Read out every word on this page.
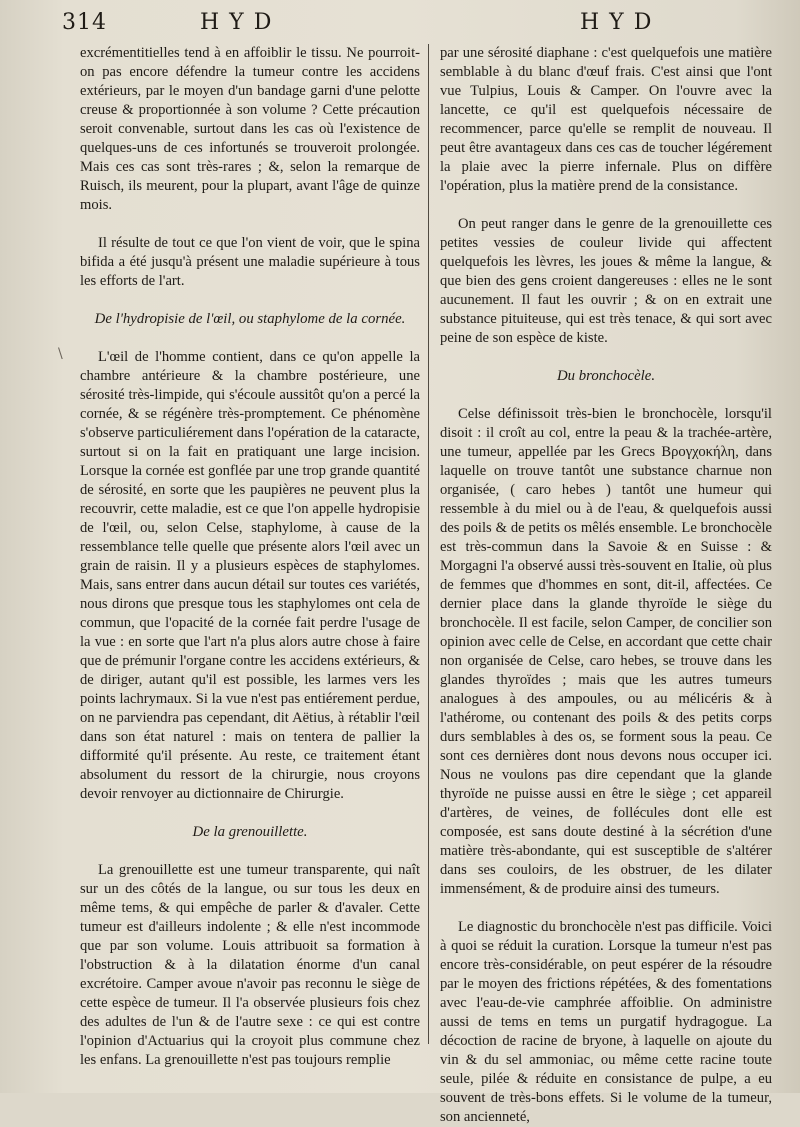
314	HYD	HYD
\

excrémentitielles tend à en affoiblir le tissu. Ne pourroit-on pas encore défendre la tumeur contre les accidens extérieurs, par le moyen d'un bandage garni d'une pelotte creuse & proportionnée à son volume ? Cette précaution seroit convenable, surtout dans les cas où l'existence de quelques-uns de ces infortunés se trouveroit prolongée. Mais ces cas sont très-rares ; &, selon la remarque de Ruisch, ils meurent, pour la plupart, avant l'âge de quinze mois.

Il résulte de tout ce que l'on vient de voir, que le spina bifida a été jusqu'à présent une maladie supérieure à tous les efforts de l'art.

De l'hydropisie de l'œil, ou staphylome de la cornée.

L'œil de l'homme contient, dans ce qu'on appelle la chambre antérieure & la chambre postérieure, une sérosité très-limpide, qui s'écoule aussitôt qu'on a percé la cornée, & se régénère très-promptement. Ce phénomène s'observe particuliérement dans l'opération de la cataracte, surtout si on la fait en pratiquant une large incision. Lorsque la cornée est gonflée par une trop grande quantité de sérosité, en sorte que les paupières ne peuvent plus la recouvrir, cette maladie, est ce que l'on appelle hydropisie de l'œil, ou, selon Celse, staphylome, à cause de la ressemblance telle quelle que présente alors l'œil avec un grain de raisin. Il y a plusieurs espèces de staphylomes. Mais, sans entrer dans aucun détail sur toutes ces variétés, nous dirons que presque tous les staphylomes ont cela de commun, que l'opacité de la cornée fait perdre l'usage de la vue : en sorte que l'art n'a plus alors autre chose à faire que de prémunir l'organe contre les accidens extérieurs, & de diriger, autant qu'il est possible, les larmes vers les points lachrymaux. Si la vue n'est pas entiérement perdue, on ne parviendra pas cependant, dit Aëtius, à rétablir l'œil dans son état naturel : mais on tentera de pallier la difformité qu'il présente. Au reste, ce traitement étant absolument du ressort de la chirurgie, nous croyons devoir renvoyer au dictionnaire de Chirurgie.

De la grenouillette.

La grenouillette est une tumeur transparente, qui naît sur un des côtés de la langue, ou sur tous les deux en même tems, & qui empêche de parler & d'avaler. Cette tumeur est d'ailleurs indolente ; & elle n'est incommode que par son volume. Louis attribuoit sa formation à l'obstruction & à la dilatation énorme d'un canal excrétoire. Camper avoue n'avoir pas reconnu le siège de cette espèce de tumeur. Il l'a observée plusieurs fois chez des adultes de l'un & de l'autre sexe : ce qui est contre l'opinion d'Actuarius qui la croyoit plus commune chez les enfans. La grenouillette n'est pas toujours remplie

par une sérosité diaphane : c'est quelquefois une matière semblable à du blanc d'œuf frais. C'est ainsi que l'ont vue Tulpius, Louis & Camper. On l'ouvre avec la lancette, ce qu'il est quelquefois nécessaire de recommencer, parce qu'elle se remplit de nouveau. Il peut être avantageux dans ces cas de toucher légérement la plaie avec la pierre infernale. Plus on diffère l'opération, plus la matière prend de la consistance.

On peut ranger dans le genre de la grenouillette ces petites vessies de couleur livide qui affectent quelquefois les lèvres, les joues & même la langue, & que bien des gens croient dangereuses : elles ne le sont aucunement. Il faut les ouvrir ; & on en extrait une substance pituiteuse, qui est très tenace, & qui sort avec peine de son espèce de kiste.

Du bronchocèle.

Celse définissoit très-bien le bronchocèle, lorsqu'il disoit : il croît au col, entre la peau & la trachée-artère, une tumeur, appellée par les Grecs Βρογχοκήλη, dans laquelle on trouve tantôt une substance charnue non organisée, ( caro hebes ) tantôt une humeur qui ressemble à du miel ou à de l'eau, & quelquefois aussi des poils & de petits os mêlés ensemble. Le bronchocèle est très-commun dans la Savoie & en Suisse : & Morgagni l'a observé aussi très-souvent en Italie, où plus de femmes que d'hommes en sont, dit-il, affectées. Ce dernier place dans la glande thyroïde le siège du bronchocèle. Il est facile, selon Camper, de concilier son opinion avec celle de Celse, en accordant que cette chair non organisée de Celse, caro hebes, se trouve dans les glandes thyroïdes ; mais que les autres tumeurs analogues à des ampoules, ou au mélicéris & à l'athérome, ou contenant des poils & des petits corps durs semblables à des os, se forment sous la peau. Ce sont ces dernières dont nous devons nous occuper ici. Nous ne voulons pas dire cependant que la glande thyroïde ne puisse aussi en être le siège ; cet appareil d'artères, de veines, de follécules dont elle est composée, est sans doute destiné à la sécrétion d'une matière très-abondante, qui est susceptible de s'altérer dans ses couloirs, de les obstruer, de les dilater immensément, & de produire ainsi des tumeurs.

Le diagnostic du bronchocèle n'est pas difficile. Voici à quoi se réduit la curation. Lorsque la tumeur n'est pas encore très-considérable, on peut espérer de la résoudre par le moyen des frictions répétées, & des fomentations avec l'eau-de-vie camphrée affoiblie. On administre aussi de tems en tems un purgatif hydragogue. La décoction de racine de bryone, à laquelle on ajoute du vin & du sel ammoniac, ou même cette racine toute seule, pilée & réduite en consistance de pulpe, a eu souvent de très-bons effets. Si le volume de la tumeur, son ancienneté,
